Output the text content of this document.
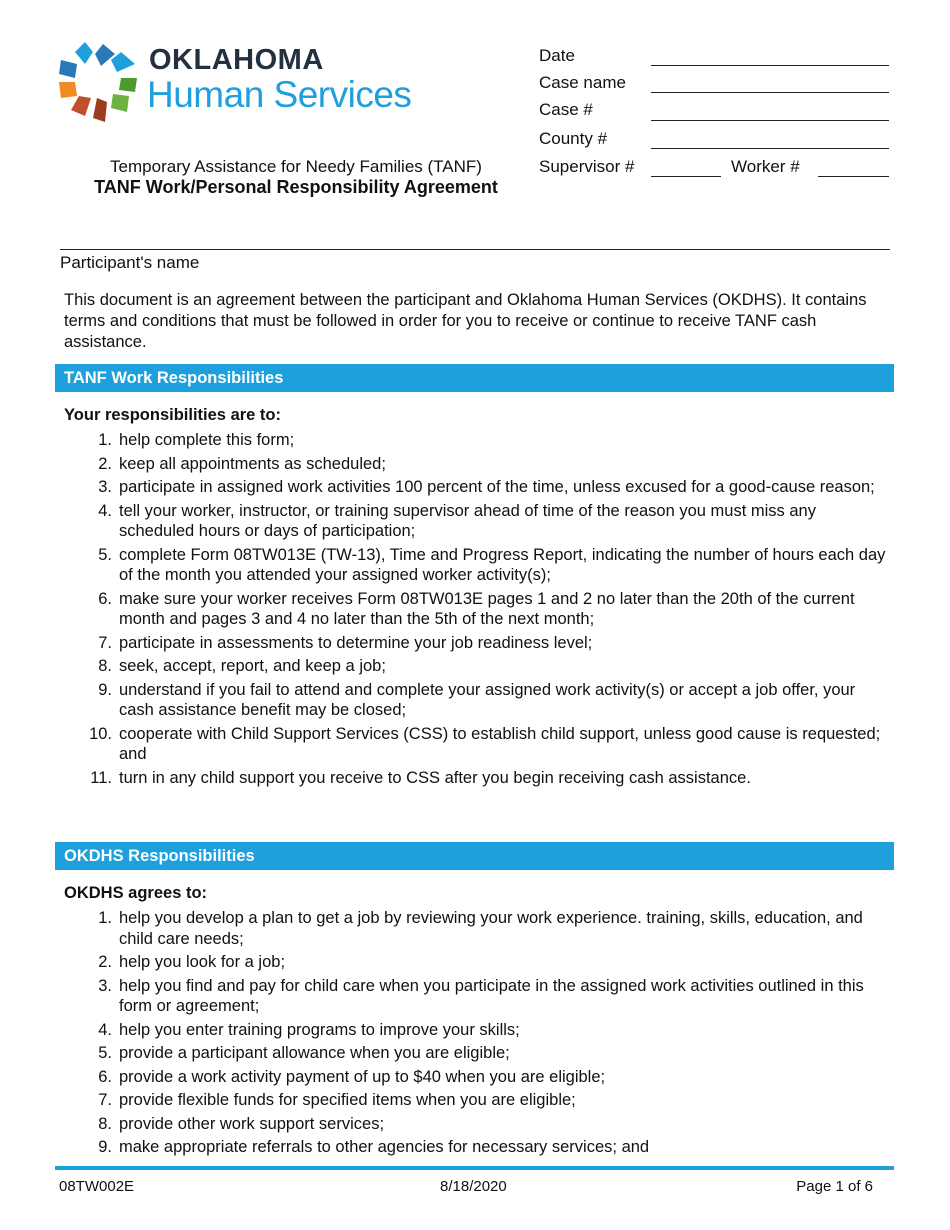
OKLAHOMA
Human Services
Temporary Assistance for Needy Families (TANF)
TANF Work/Personal Responsibility Agreement
Date
Case name
Case #
County #
Supervisor #	Worker #
Participant's name
This document is an agreement between the participant and Oklahoma Human Services (OKDHS). It contains terms and conditions that must be followed in order for you to receive or continue to receive TANF cash assistance.
TANF Work Responsibilities
Your responsibilities are to:
1. help complete this form;
2. keep all appointments as scheduled;
3. participate in assigned work activities 100 percent of the time, unless excused for a good-cause reason;
4. tell your worker, instructor, or training supervisor ahead of time of the reason you must miss any scheduled hours or days of participation;
5. complete Form 08TW013E (TW-13), Time and Progress Report, indicating the number of hours each day of the month you attended your assigned worker activity(s);
6. make sure your worker receives Form 08TW013E pages 1 and 2 no later than the 20th of the current month and pages 3 and 4 no later than the 5th of the next month;
7. participate in assessments to determine your job readiness level;
8. seek, accept, report, and keep a job;
9. understand if you fail to attend and complete your assigned work activity(s) or accept a job offer, your cash assistance benefit may be closed;
10. cooperate with Child Support Services (CSS) to establish child support, unless good cause is requested; and
11. turn in any child support you receive to CSS after you begin receiving cash assistance.
OKDHS Responsibilities
OKDHS agrees to:
1. help you develop a plan to get a job by reviewing your work experience. training, skills, education, and child care needs;
2. help you look for a job;
3. help you find and pay for child care when you participate in the assigned work activities outlined in this form or agreement;
4. help you enter training programs to improve your skills;
5. provide a participant allowance when you are eligible;
6. provide a work activity payment of up to $40 when you are eligible;
7. provide flexible funds for specified items when you are eligible;
8. provide other work support services;
9. make appropriate referrals to other agencies for necessary services; and
08TW002E	8/18/2020	Page 1 of 6
